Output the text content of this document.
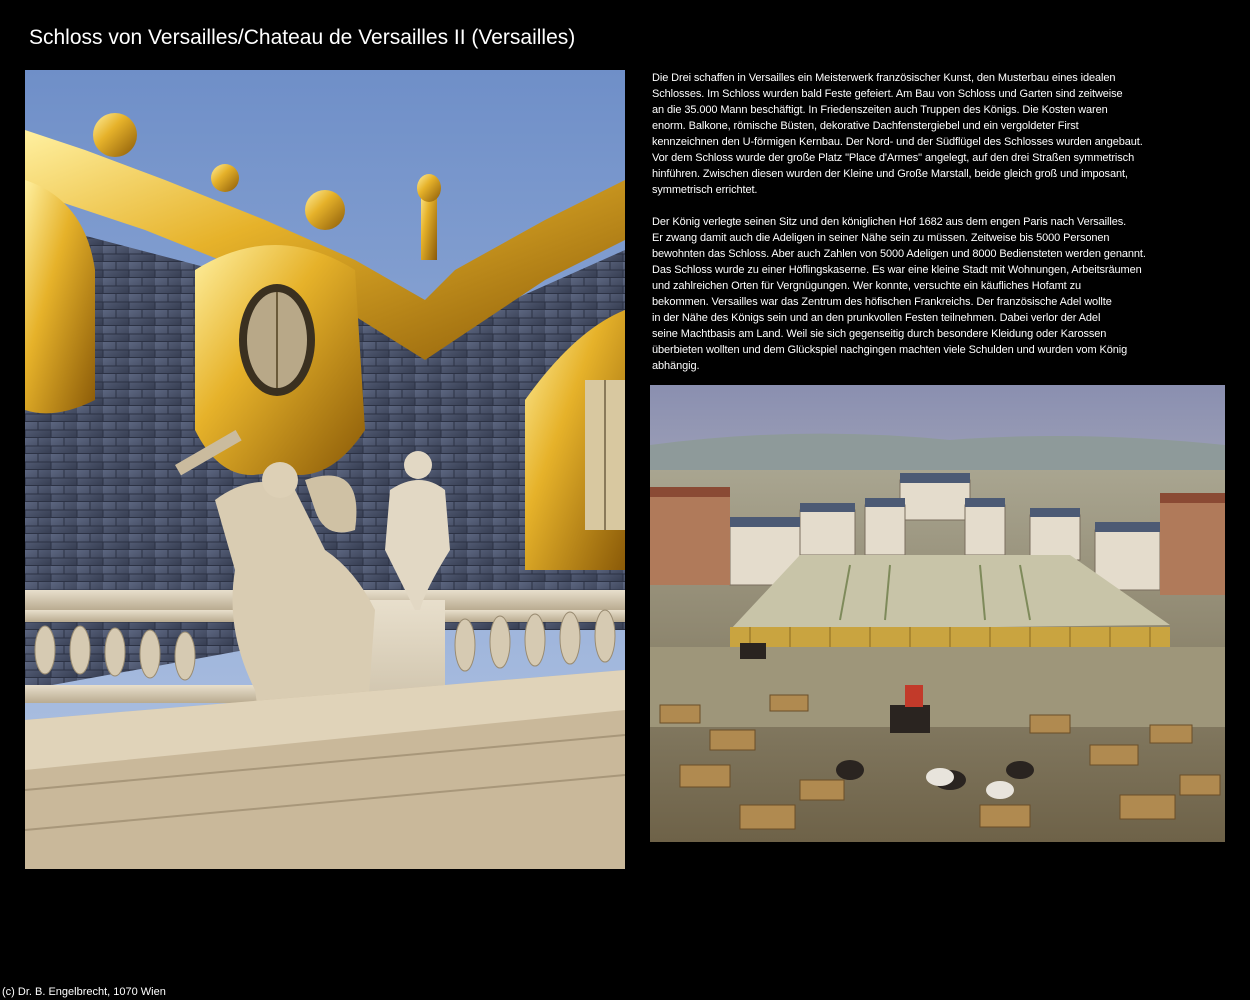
Schloss von Versailles/Chateau de Versailles II (Versailles)
Die Drei schaffen in Versailles ein Meisterwerk französischer Kunst, den Musterbau eines idealen
Schlosses. Im Schloss wurden bald Feste gefeiert. Am Bau von Schloss und Garten sind zeitweise
an die 35.000 Mann beschäftigt. In Friedenszeiten auch Truppen des Königs. Die Kosten waren
enorm. Balkone, römische Büsten, dekorative Dachfenstergiebel und ein vergoldeter First
kennzeichnen den U-förmigen Kernbau. Der Nord- und der Südflügel des Schlosses wurden angebaut.
Vor dem Schloss wurde der große Platz "Place d'Armes" angelegt, auf den drei Straßen symmetrisch
hinführen. Zwischen diesen wurden der Kleine und Große Marstall, beide gleich groß und imposant,
symmetrisch errichtet.
Der König verlegte seinen Sitz und den königlichen Hof 1682 aus dem engen Paris nach Versailles.
Er zwang damit auch die Adeligen in seiner Nähe sein zu müssen. Zeitweise bis 5000 Personen
bewohnten das Schloss. Aber auch Zahlen von 5000 Adeligen und 8000 Bediensteten werden genannt.
Das Schloss wurde zu einer Höflingskaserne. Es war eine kleine Stadt mit Wohnungen, Arbeitsräumen
und zahlreichen Orten für Vergnügungen. Wer konnte, versuchte ein käufliches Hofamt zu
bekommen. Versailles war das Zentrum des höfischen Frankreichs. Der französische Adel wollte
in der Nähe des Königs sein und an den prunkvollen Festen teilnehmen. Dabei verlor der Adel
seine Machtbasis am Land. Weil sie sich gegenseitig durch besondere Kleidung oder Karossen
überbieten wollten und dem Glückspiel nachgingen machten viele Schulden und wurden vom König
abhängig.
(c) Dr. B. Engelbrecht, 1070 Wien
